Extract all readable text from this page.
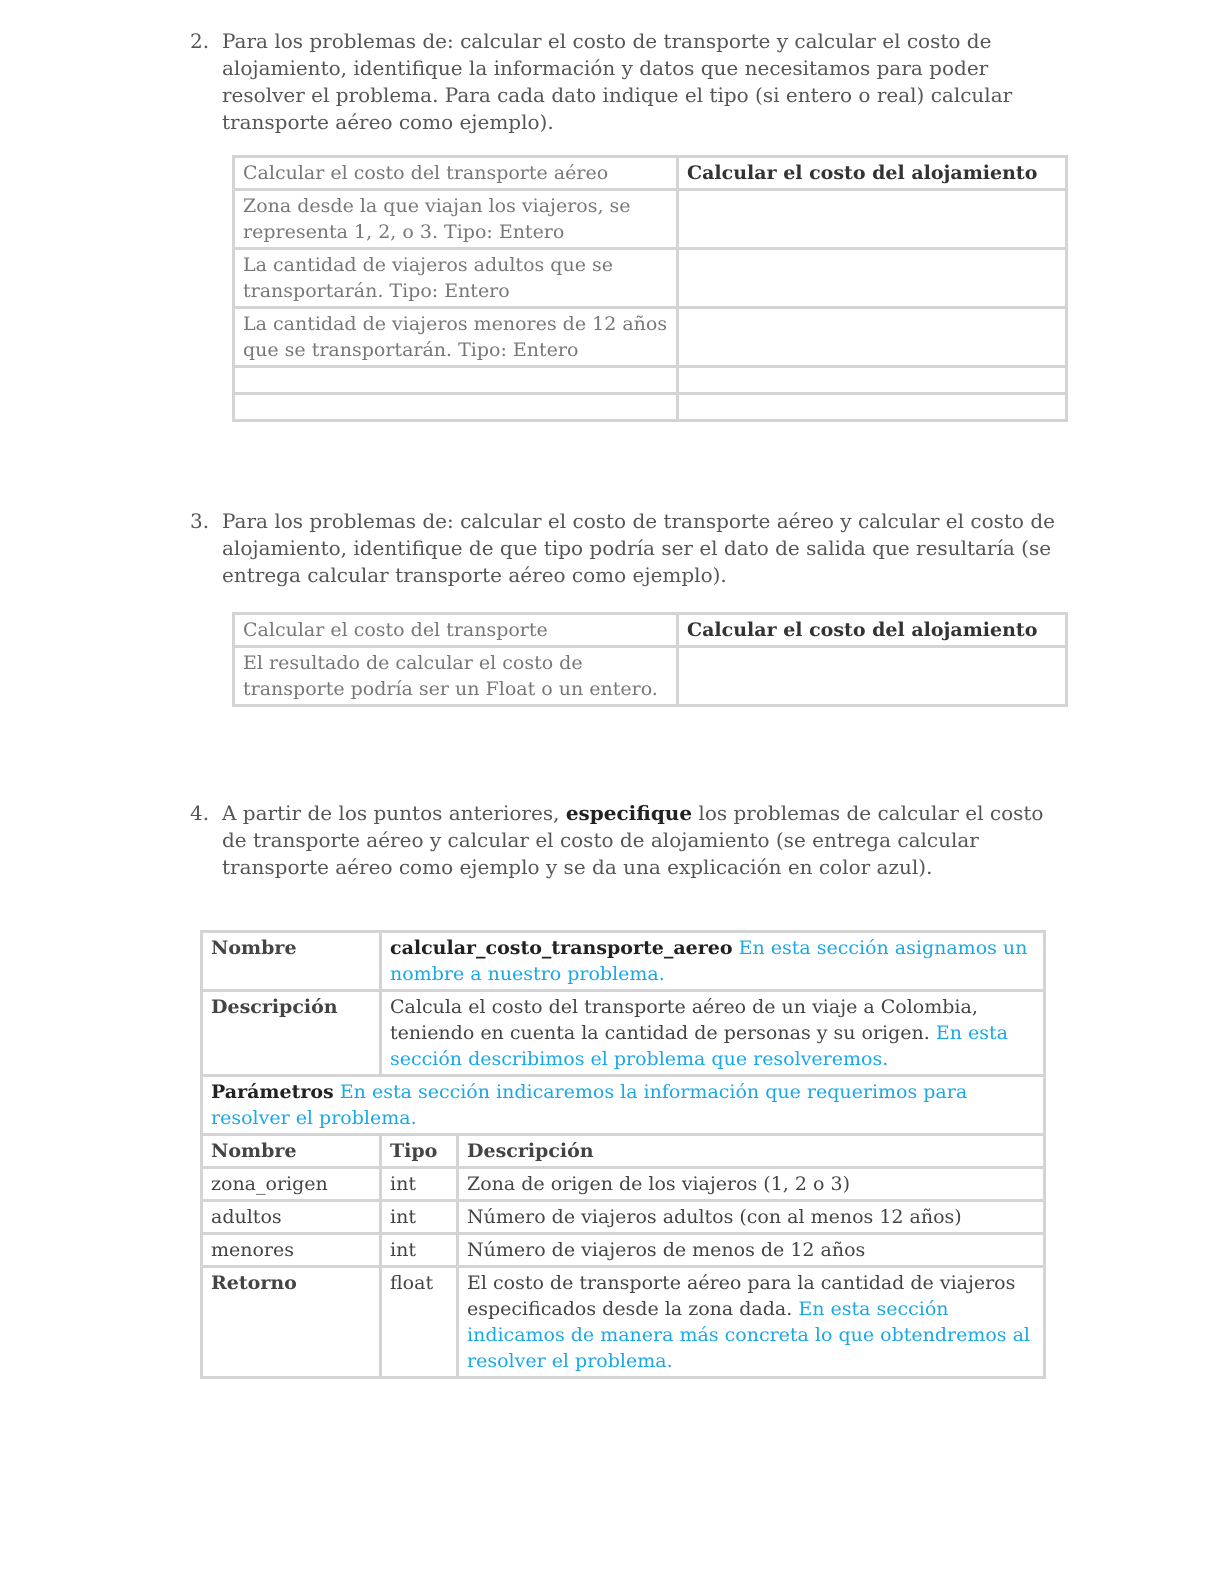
2. Para los problemas de: calcular el costo de transporte y calcular el costo de alojamiento, identifique la información y datos que necesitamos para poder resolver el problema. Para cada dato indique el tipo (si entero o real) calcular transporte aéreo como ejemplo).
Calcular el costo del transporte aéreo	Calcular el costo del alojamiento
Zona desde la que viajan los viajeros, se representa 1, 2, o 3. Tipo: Entero	
La cantidad de viajeros adultos que se transportarán. Tipo: Entero	
La cantidad de viajeros menores de 12 años que se transportarán. Tipo: Entero	

3. Para los problemas de: calcular el costo de transporte aéreo y calcular el costo de alojamiento, identifique de que tipo podría ser el dato de salida que resultaría (se entrega calcular transporte aéreo como ejemplo).
Calcular el costo del transporte	Calcular el costo del alojamiento
El resultado de calcular el costo de transporte podría ser un Float o un entero.	
4. A partir de los puntos anteriores, especifique los problemas de calcular el costo de transporte aéreo y calcular el costo de alojamiento (se entrega calcular transporte aéreo como ejemplo y se da una explicación en color azul).
Nombre	calcular_costo_transporte_aereo En esta sección asignamos un nombre a nuestro problema.	
Descripción	Calcula el costo del transporte aéreo de un viaje a Colombia, teniendo en cuenta la cantidad de personas y su origen. En esta sección describimos el problema que resolveremos.	
Parámetros En esta sección indicaremos la información que requerimos para resolver el problema.		
Nombre	Tipo	Descripción
zona_origen	int	Zona de origen de los viajeros (1, 2 o 3)
adultos	int	Número de viajeros adultos (con al menos 12 años)
menores	int	Número de viajeros de menos de 12 años
Retorno	float	El costo de transporte aéreo para la cantidad de viajeros especificados desde la zona dada. En esta sección indicamos de manera más concreta lo que obtendremos al resolver el problema.
